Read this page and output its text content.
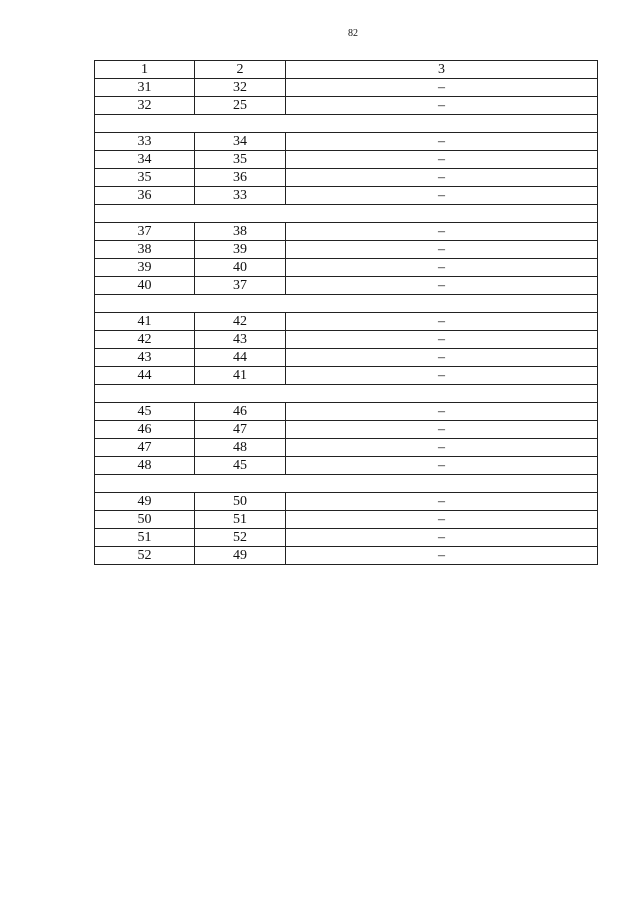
82
1	2	3
31	32	–
32	25	–

33	34	–
34	35	–
35	36	–
36	33	–

37	38	–
38	39	–
39	40	–
40	37	–

41	42	–
42	43	–
43	44	–
44	41	–

45	46	–
46	47	–
47	48	–
48	45	–

49	50	–
50	51	–
51	52	–
52	49	–
